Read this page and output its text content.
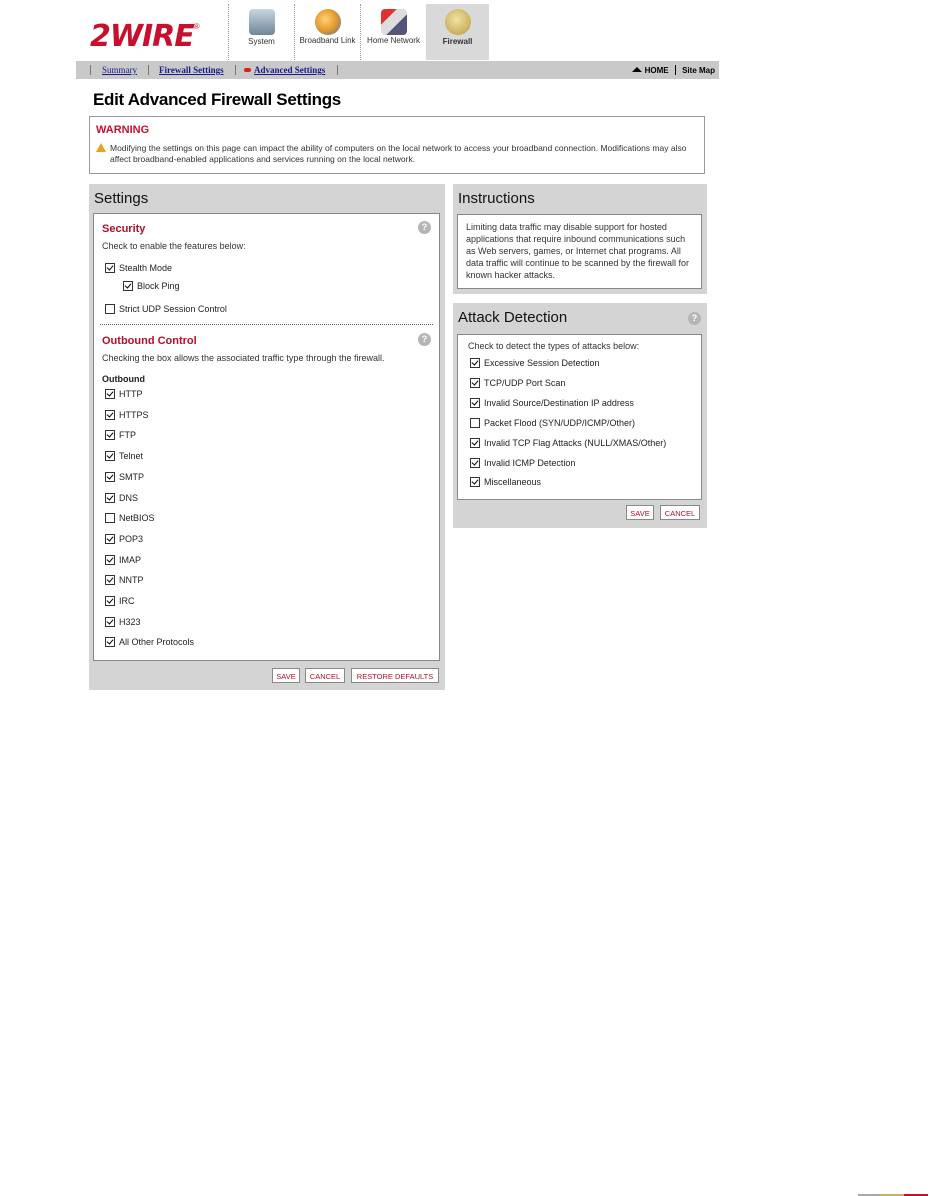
2WIRE®
System	Broadband Link	Home Network	Firewall
Summary Firewall Settings	Advanced Settings	HOME Site Map
Edit Advanced Firewall Settings
WARNING
Modifying the settings on this page can impact the ability of computers on the local network to access your broadband connection. Modifications may also affect broadband-enabled applications and services running on the local network.
Settings
Security	?
Check to enable the features below:
Stealth Mode
Block Ping
Strict UDP Session Control
Outbound Control	?
Checking the box allows the associated traffic type through the firewall.
Outbound
HTTP
HTTPS
FTP
Telnet
SMTP
DNS
NetBIOS
POP3
IMAP
NNTP
IRC
H323
All Other Protocols
SAVE	CANCEL	RESTORE DEFAULTS
Instructions
Limiting data traffic may disable support for hosted applications that require inbound communications such as Web servers, games, or Internet chat programs. All data traffic will continue to be scanned by the firewall for known hacker attacks.
Attack Detection	?
Check to detect the types of attacks below:
Excessive Session Detection
TCP/UDP Port Scan
Invalid Source/Destination IP address
Packet Flood (SYN/UDP/ICMP/Other)
Invalid TCP Flag Attacks (NULL/XMAS/Other)
Invalid ICMP Detection
Miscellaneous
SAVE	CANCEL
